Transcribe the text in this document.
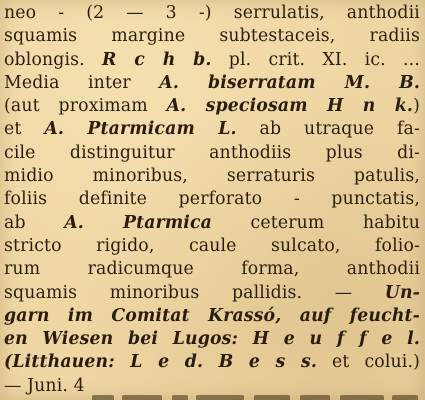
neo - (2 — 3 -) serrulatis, anthodii
squamis margine subtestaceis, radiis
oblongis. R c h b. pl. crit. XI. ic. ...
Media inter A. biserratam M. B.
(aut proximam A. speciosam H n k.)
et A. Ptarmicam L. ab utraque fa-
cile distinguitur anthodiis plus di-
midio minoribus, serraturis patulis,
foliis definite perforato - punctatis,
ab A. Ptarmica ceterum habitu
stricto rigido, caule sulcato, folio-
rum radicumque forma, anthodii
squamis minoribus pallidis. — Un-
garn im Comitat Krassó, auf feucht-
en Wiesen bei Lugos: H e u f f e l.
(Litthauen: L e d. B e s s. et colui.)
— Juni. 4
